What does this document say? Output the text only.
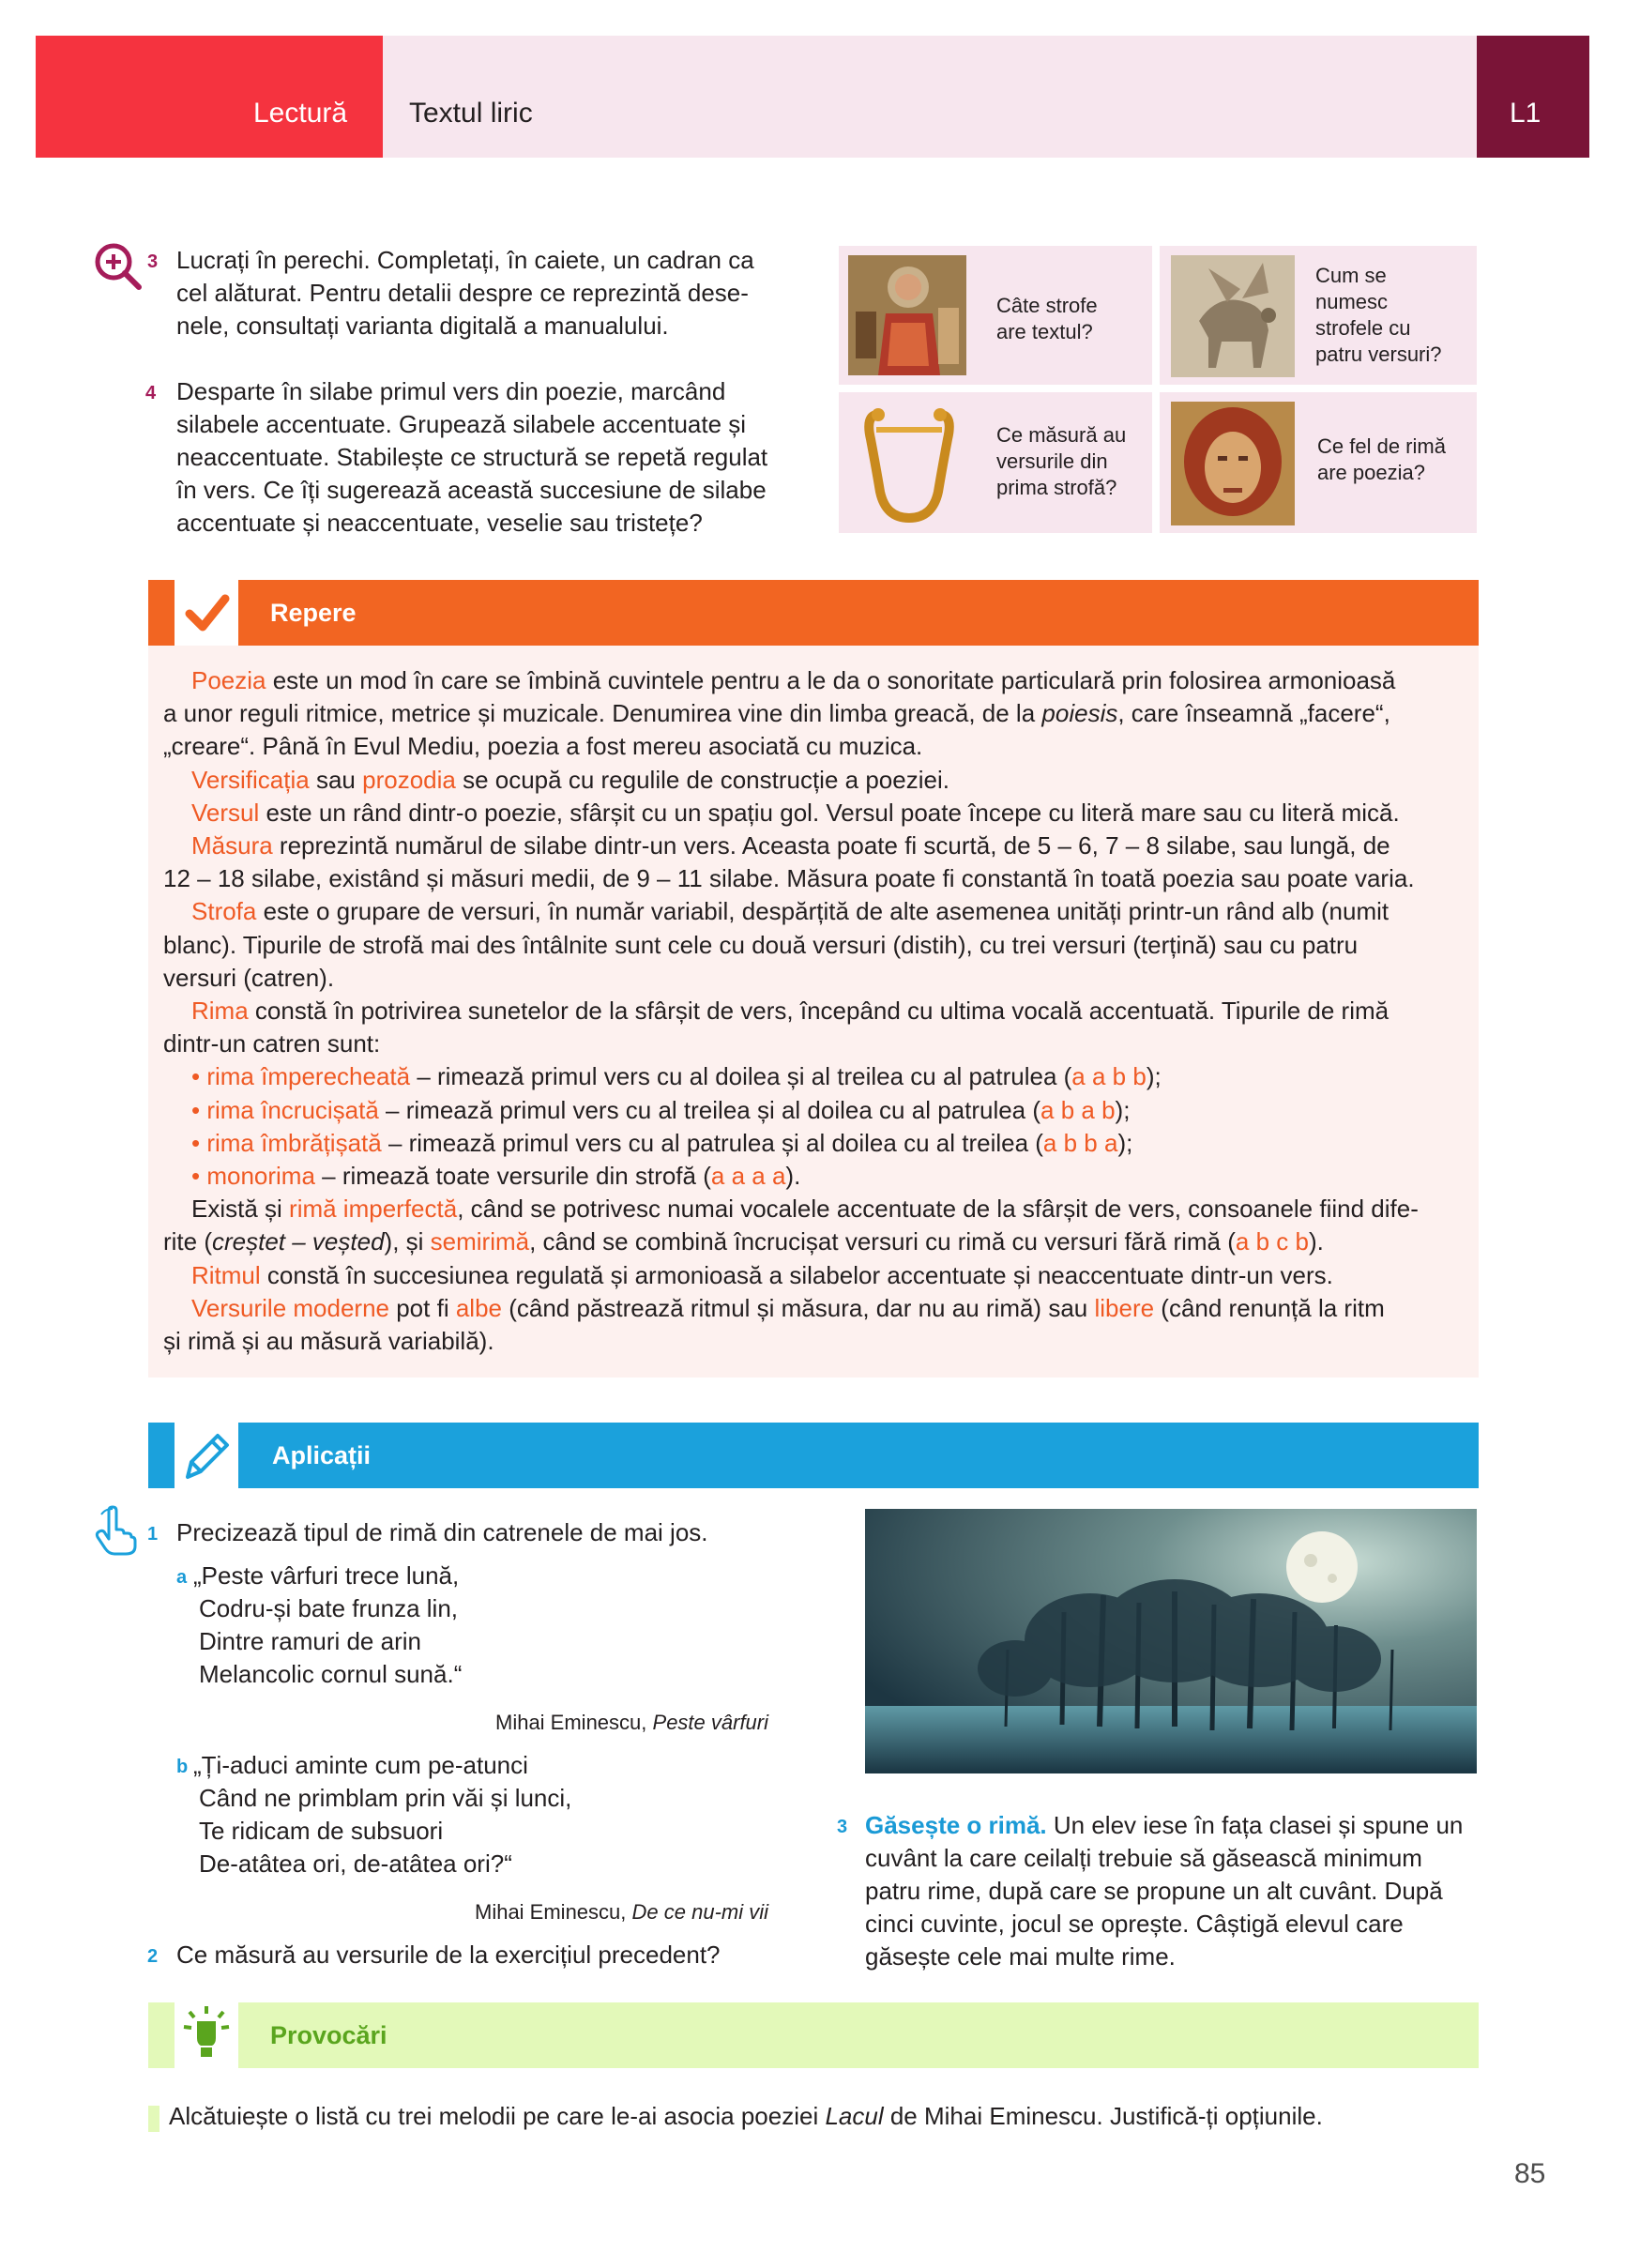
Lectură Textul liric	L1
3 Lucrați în perechi. Completați, în caiete, un cadran ca
cel alăturat. Pentru detalii despre ce reprezintă dese-
nele, consultați varianta digitală a manualului.
4 Desparte în silabe primul vers din poezie, marcând
silabele accentuate. Grupează silabele accentuate și
neaccentuate. Stabilește ce structură se repetă regulat
în vers. Ce îți sugerează această succesiune de silabe
accentuate și neaccentuate, veselie sau tristețe?
Câte strofe
are textul?
Cum se
numesc
strofele cu
patru versuri?
Ce măsură au
versurile din
prima strofă?
Ce fel de rimă
are poezia?
Repere
Poezia este un mod în care se îmbină cuvintele pentru a le da o sonoritate particulară prin folosirea armonioasă
a unor reguli ritmice, metrice și muzicale. Denumirea vine din limba greacă, de la poiesis, care înseamnă „facere“,
„creare“. Până în Evul Mediu, poezia a fost mereu asociată cu muzica.
Versificația sau prozodia se ocupă cu regulile de construcție a poeziei.
Versul este un rând dintr-o poezie, sfârșit cu un spațiu gol. Versul poate începe cu literă mare sau cu literă mică.
Măsura reprezintă numărul de silabe dintr-un vers. Aceasta poate fi scurtă, de 5 – 6, 7 – 8 silabe, sau lungă, de
12 – 18 silabe, existând și măsuri medii, de 9 – 11 silabe. Măsura poate fi constantă în toată poezia sau poate varia.
Strofa este o grupare de versuri, în număr variabil, despărțită de alte asemenea unități printr-un rând alb (numit
blanc). Tipurile de strofă mai des întâlnite sunt cele cu două versuri (distih), cu trei versuri (terțină) sau cu patru
versuri (catren).
Rima constă în potrivirea sunetelor de la sfârșit de vers, începând cu ultima vocală accentuată. Tipurile de rimă
dintr-un catren sunt:
• rima împerecheată – rimează primul vers cu al doilea și al treilea cu al patrulea (a a b b);
• rima încrucișată – rimează primul vers cu al treilea și al doilea cu al patrulea (a b a b);
• rima îmbrățișată – rimează primul vers cu al patrulea și al doilea cu al treilea (a b b a);
• monorima – rimează toate versurile din strofă (a a a a).
Există și rimă imperfectă, când se potrivesc numai vocalele accentuate de la sfârșit de vers, consoanele fiind dife-
rite (creștet – veșted), și semirimă, când se combină încrucișat versuri cu rimă cu versuri fără rimă (a b c b).
Ritmul constă în succesiunea regulată și armonioasă a silabelor accentuate și neaccentuate dintr-un vers.
Versurile moderne pot fi albe (când păstrează ritmul și măsura, dar nu au rimă) sau libere (când renunță la ritm
și rimă și au măsură variabilă).
Aplicații
1 Precizează tipul de rimă din catrenele de mai jos.
a „Peste vârfuri trece lună,
Codru-și bate frunza lin,
Dintre ramuri de arin
Melancolic cornul sună.“
Mihai Eminescu, Peste vârfuri
b „Ți-aduci aminte cum pe-atunci
Când ne primblam prin văi și lunci,
Te ridicam de subsuori
De-atâtea ori, de-atâtea ori?“
Mihai Eminescu, De ce nu-mi vii
2 Ce măsură au versurile de la exercițiul precedent?
3 Găsește o rimă. Un elev iese în fața clasei și spune un
cuvânt la care ceilalți trebuie să găsească minimum
patru rime, după care se propune un alt cuvânt. După
cinci cuvinte, jocul se oprește. Câștigă elevul care
găsește cele mai multe rime.
Provocări
Alcătuiește o listă cu trei melodii pe care le-ai asocia poeziei Lacul de Mihai Eminescu. Justifică-ți opțiunile.
85
